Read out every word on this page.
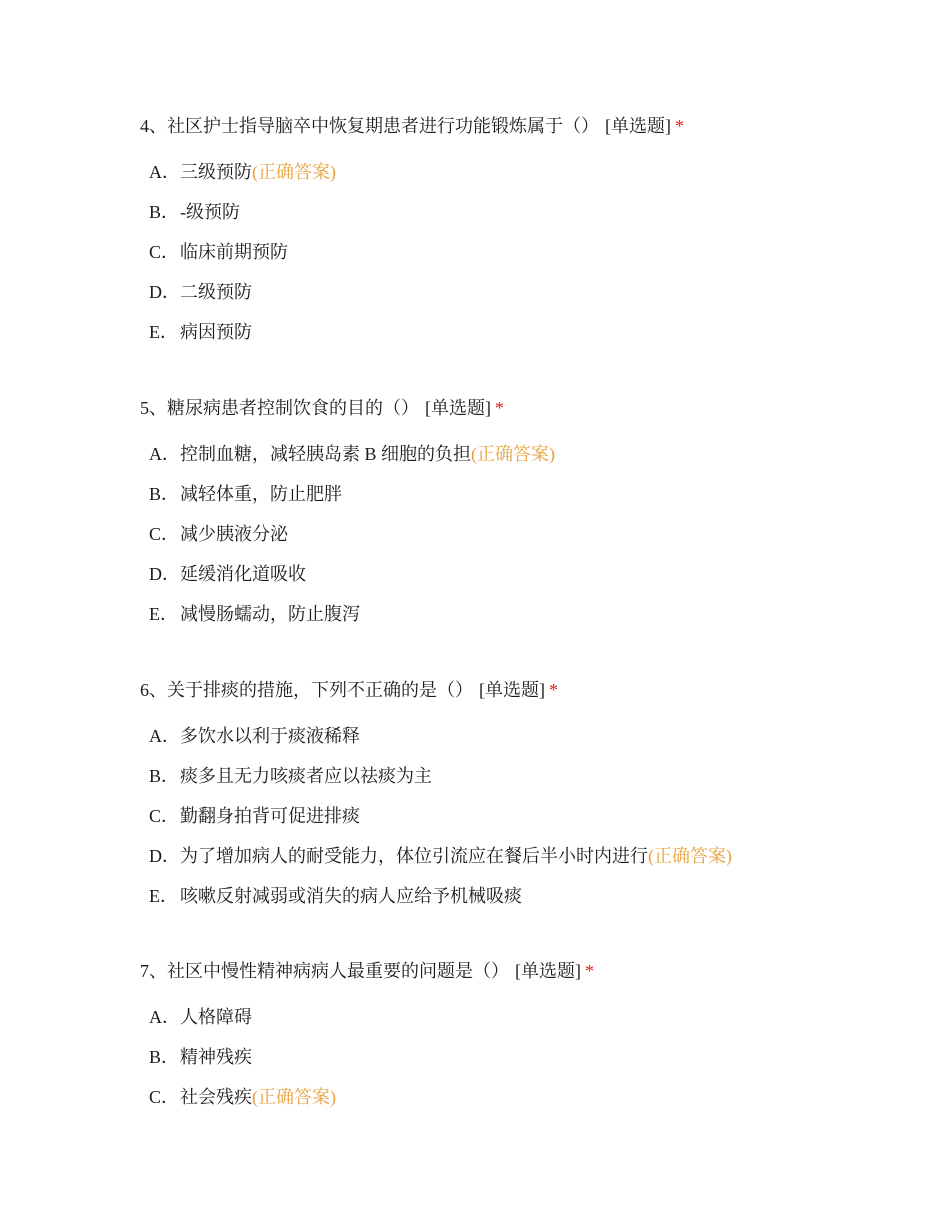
4、社区护士指导脑卒中恢复期患者进行功能锻炼属于（） [单选题] *
A．三级预防(正确答案)
B．-级预防
C．临床前期预防
D．二级预防
E． 病因预防
5、糖尿病患者控制饮食的目的（） [单选题] *
A．控制血糖，减轻胰岛素 B 细胞的负担(正确答案)
B．减轻体重，防止肥胖
C．减少胰液分泌
D．延缓消化道吸收
E． 减慢肠蠕动，防止腹泻
6、关于排痰的措施，下列不正确的是（） [单选题] *
A．多饮水以利于痰液稀释
B．痰多且无力咳痰者应以祛痰为主
C．勤翻身拍背可促进排痰
D．为了增加病人的耐受能力，体位引流应在餐后半小时内进行(正确答案)
E． 咳嗽反射减弱或消失的病人应给予机械吸痰
7、社区中慢性精神病病人最重要的问题是（） [单选题] *
A．人格障碍
B．精神残疾
C．社会残疾(正确答案)
